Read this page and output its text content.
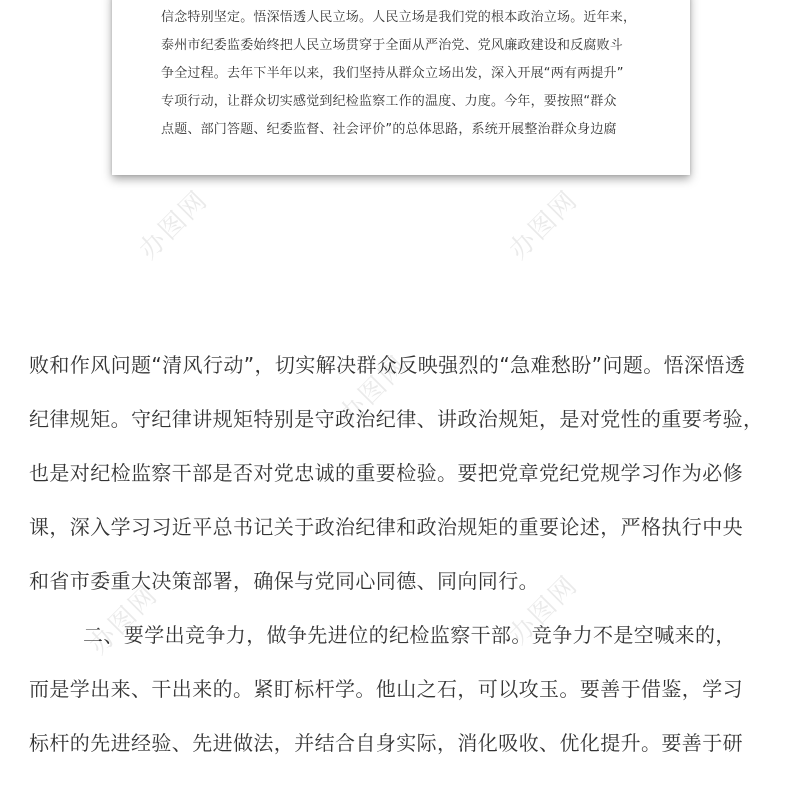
信念特别坚定。悟深悟透人民立场。人民立场是我们党的根本政治立场。近年来，
泰州市纪委监委始终把人民立场贯穿于全面从严治党、党风廉政建设和反腐败斗
争全过程。去年下半年以来，我们坚持从群众立场出发，深入开展“两有两提升”
专项行动，让群众切实感觉到纪检监察工作的温度、力度。今年，要按照“群众
点题、部门答题、纪委监督、社会评价”的总体思路，系统开展整治群众身边腐
办图网	办图网
办图网
办图网	办图网
败和作风问题“清风行动”，切实解决群众反映强烈的“急难愁盼”问题。悟深悟透
纪律规矩。守纪律讲规矩特别是守政治纪律、讲政治规矩，是对党性的重要考验，
也是对纪检监察干部是否对党忠诚的重要检验。要把党章党纪党规学习作为必修
课，深入学习习近平总书记关于政治纪律和政治规矩的重要论述，严格执行中央
和省市委重大决策部署，确保与党同心同德、同向同行。
二、要学出竞争力，做争先进位的纪检监察干部。竞争力不是空喊来的，
而是学出来、干出来的。紧盯标杆学。他山之石，可以攻玉。要善于借鉴，学习
标杆的先进经验、先进做法，并结合自身实际，消化吸收、优化提升。要善于研
